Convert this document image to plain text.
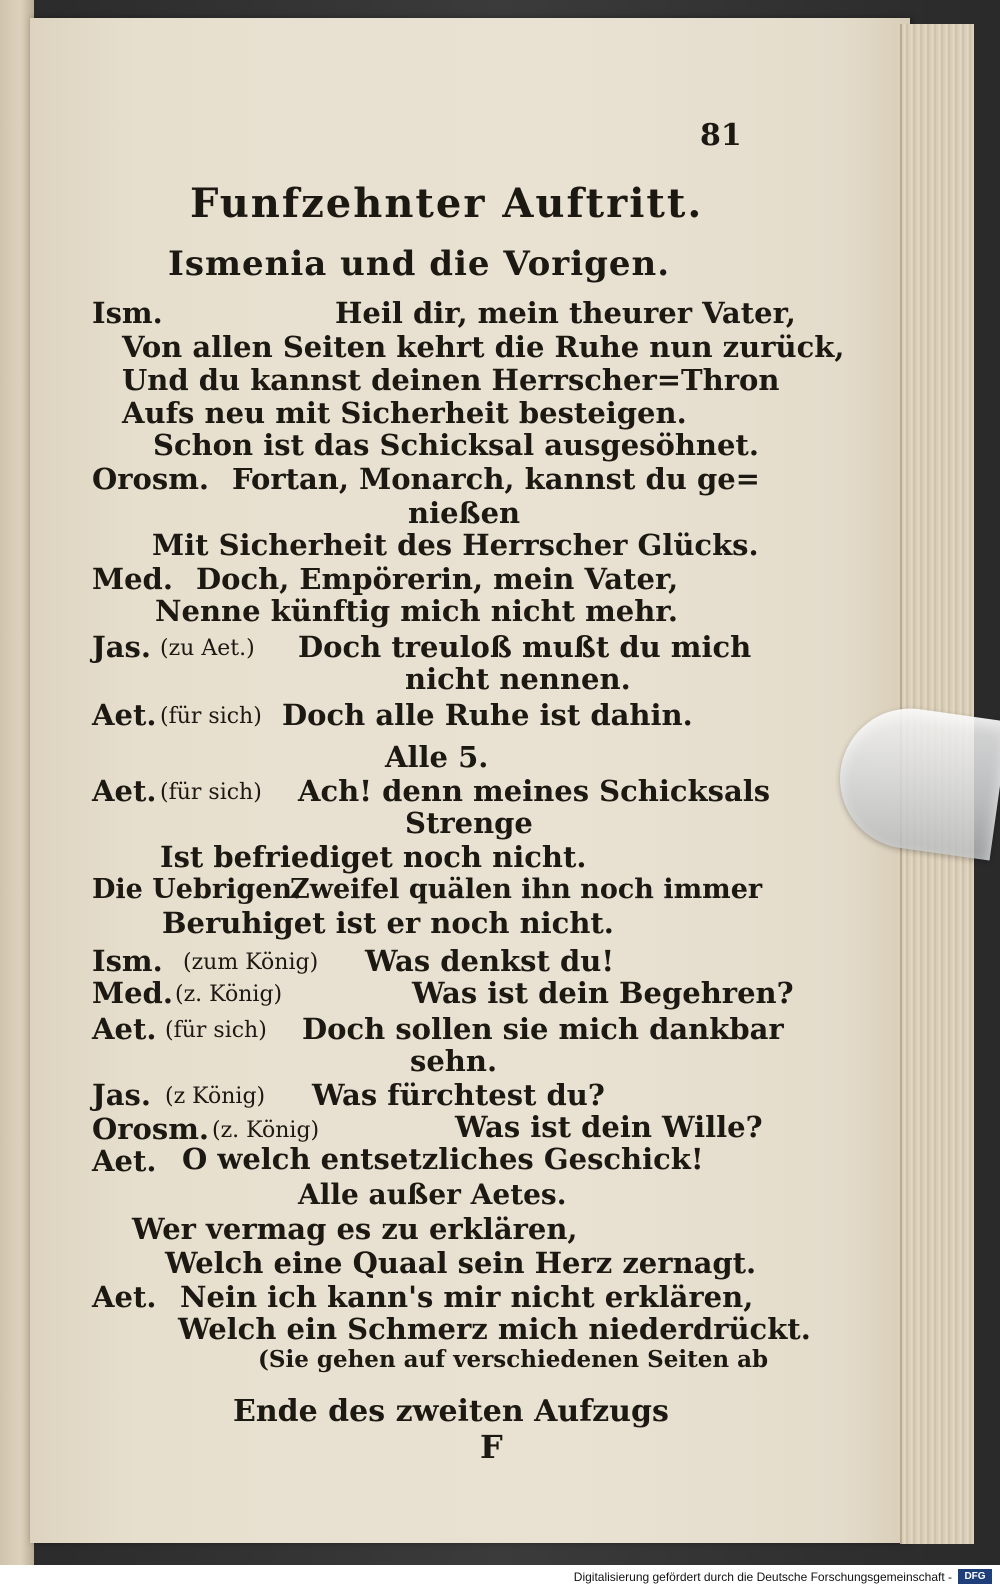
81
Funfzehnter Auftritt.
Ismenia und die Vorigen.
Ism.	Heil dir, mein theurer Vater,
Von allen Seiten kehrt die Ruhe nun zurück,
Und du kannst deinen Herrscher=Thron
Aufs neu mit Sicherheit besteigen.
Schon ist das Schicksal ausgesöhnet.
Orosm. Fortan, Monarch, kannst du ge=
nießen
Mit Sicherheit des Herrscher Glücks.
Med. Doch, Empörerin, mein Vater,
Nenne künftig mich nicht mehr.
Jas. (zu Aet.) Doch treuloß mußt du mich
nicht nennen.
Aet. (für sich) Doch alle Ruhe ist dahin.
Alle 5.
Aet. (für sich) Ach! denn meines Schicksals
Strenge
Ist befriediget noch nicht.
Die Uebrigen.
Zweifel quälen ihn noch immer
Beruhiget ist er noch nicht.
Ism. (zum König) Was denkst du!
Med. (z. König)	Was ist dein Begehren?
Aet. (für sich) Doch sollen sie mich dankbar
sehn.
Jas. (z König) Was fürchtest du?
Orosm. (z. König)	Was ist dein Wille?
Aet. O welch entsetzliches Geschick!
Alle außer Aetes.
Wer vermag es zu erklären,
Welch eine Quaal sein Herz zernagt.
Aet. Nein ich kann's mir nicht erklären,
Welch ein Schmerz mich niederdrückt.
(Sie gehen auf verschiedenen Seiten ab
Ende des zweiten Aufzugs
F
Digitalisierung gefördert durch die Deutsche Forschungsgemeinschaft -	DFG
